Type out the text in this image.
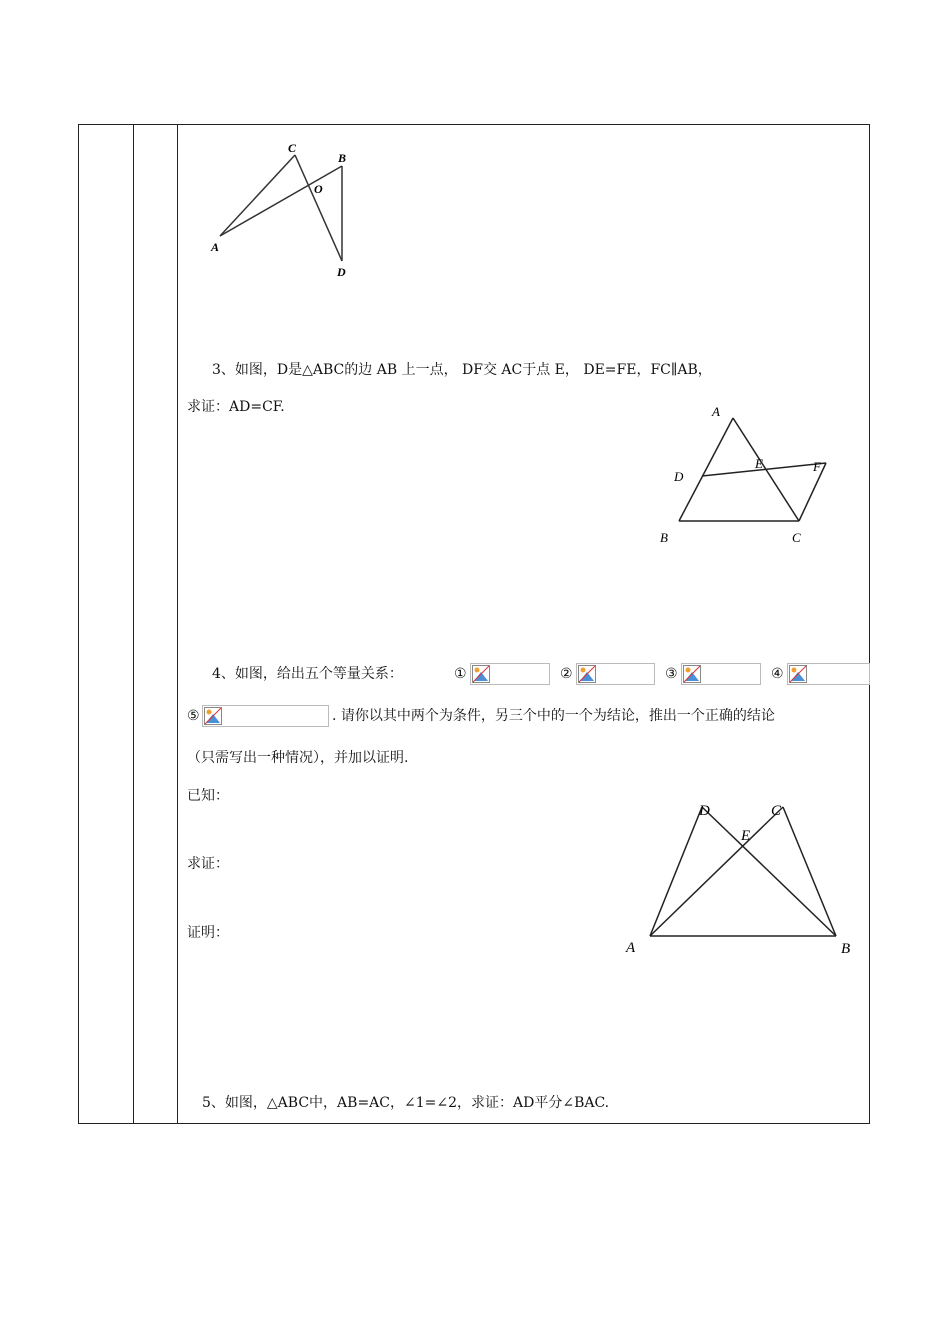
A
C
B
O
D
3、如图，D是△ABC的边 AB 上一点， DF交 AC于点 E， DE=FE，FC∥AB，
求证：AD=CF.	A
D
E	F
B	C
4、如图，给出五个等量关系：	①	②	③	④
⑤	. 请你以其中两个为条件，另三个中的一个为结论，推出一个正确的结论
（只需写出一种情况），并加以证明.
已知：
求证：
证明：
A	B
D	C
E
5、如图，△ABC中，AB=AC，∠1=∠2，求证：AD平分∠BAC.
